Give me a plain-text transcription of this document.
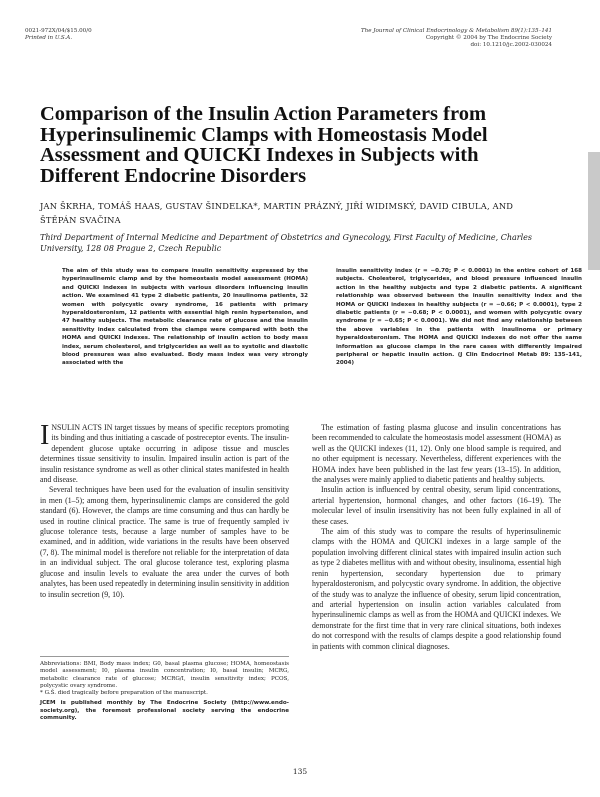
0021-972X/04/$15.00/0
Printed in U.S.A.
The Journal of Clinical Endocrinology & Metabolism 89(1):135–141
Copyright © 2004 by The Endocrine Society
doi: 10.1210/jc.2002-030024
Comparison of the Insulin Action Parameters from Hyperinsulinemic Clamps with Homeostasis Model Assessment and QUICKI Indexes in Subjects with Different Endocrine Disorders

JAN ŠKRHA, TOMÁŠ HAAS, GUSTAV ŠINDELKA*, MARTIN PRÁZNÝ, JIŘÍ WIDIMSKÝ, DAVID CIBULA, AND ŠTĚPÁN SVAČINA

Third Department of Internal Medicine and Department of Obstetrics and Gynecology, First Faculty of Medicine, Charles University, 128 08 Prague 2, Czech Republic

The aim of this study was to compare insulin sensitivity expressed by the hyperinsulinemic clamp and by the homeostasis model assessment (HOMA) and QUICKI indexes in subjects with various disorders influencing insulin action. We examined 41 type 2 diabetic patients, 20 insulinoma patients, 32 women with polycystic ovary syndrome, 16 patients with primary hyperaldosteronism, 12 patients with essential high renin hypertension, and 47 healthy subjects. The metabolic clearance rate of glucose and the insulin sensitivity index calculated from the clamps were compared with both the HOMA and QUICKI indexes. The relationship of insulin action to body mass index, serum cholesterol, and triglycerides as well as to systolic and diastolic blood pressures was also evaluated. Body mass index was very strongly associated with the

insulin sensitivity index (r = −0.70; P < 0.0001) in the entire cohort of 168 subjects. Cholesterol, triglycerides, and blood pressure influenced insulin action in the healthy subjects and type 2 diabetic patients. A significant relationship was observed between the insulin sensitivity index and the HOMA or QUICKI indexes in healthy subjects (r = −0.66; P < 0.0001), type 2 diabetic patients (r = −0.68; P < 0.0001), and women with polycystic ovary syndrome (r = −0.65; P < 0.0001). We did not find any relationship between the above variables in the patients with insulinoma or primary hyperaldosteronism. The HOMA and QUICKI indexes do not offer the same information as glucose clamps in the rare cases with differently impaired peripheral or hepatic insulin action. (J Clin Endocrinol Metab 89: 135–141, 2004)

INSULIN ACTS IN target tissues by means of specific receptors promoting its binding and thus initiating a cascade of postreceptor events. The insulin-dependent glucose uptake occurring in adipose tissue and muscles determines tissue sensitivity to insulin. Impaired insulin action is part of the insulin resistance syndrome as well as other clinical states manifested in health and disease.

Several techniques have been used for the evaluation of insulin sensitivity in men (1–5); among them, hyperinsulinemic clamps are considered the gold standard (6). However, the clamps are time consuming and thus can hardly be used in routine clinical practice. The same is true of frequently sampled iv glucose tolerance tests, because a large number of samples have to be examined, and in addition, wide variations in the results have been observed (7, 8). The minimal model is therefore not reliable for the interpretation of data in an individual subject. The oral glucose tolerance test, exploring plasma glucose and insulin levels to evaluate the area under the curves of both analytes, has been used repeatedly in determining insulin sensitivity in addition to insulin secretion (9, 10).

The estimation of fasting plasma glucose and insulin concentrations has been recommended to calculate the homeostasis model assessment (HOMA) as well as the QUICKI indexes (11, 12). Only one blood sample is required, and no other equipment is necessary. Nevertheless, different experiences with the HOMA index have been published in the last few years (13–15). In addition, the analyses were mainly applied to diabetic patients and healthy subjects.

Insulin action is influenced by central obesity, serum lipid concentrations, arterial hypertension, hormonal changes, and other factors (16–19). The molecular level of insulin irsensitivity has not been fully explained in all of these cases.

The aim of this study was to compare the results of hyperinsulinemic clamps with the HOMA and QUICKI indexes in a large sample of the population involving different clinical states with impaired insulin action such as type 2 diabetes mellitus with and without obesity, insulinoma, essential high renin hypertension, secondary hypertension due to primary hyperaldosteronism, and polycystic ovary syndrome. In addition, the objective of the study was to analyze the influence of obesity, serum lipid concentration, and arterial hypertension on insulin action variables calculated from hyperinsulinemic clamps as well as from the HOMA and QUICKI indexes. We demonstrate for the first time that in very rare clinical situations, both indexes do not correspond with the results of clamps despite a good relationship found in patients with common clinical diagnoses.

Abbreviations: BMI, Body mass index; G0, basal plasma glucose; HOMA, homeostasis model assessment; I0, plasma insulin concentration; I0, basal insulin; MCRG, metabolic clearance rate of glucose; MCRG/I, insulin sensitivity index; PCOS, polycystic ovary syndrome.

* G.Š. died tragically before preparation of the manuscript.

JCEM is published monthly by The Endocrine Society (http://www.endo-society.org), the foremost professional society serving the endocrine community.

135
